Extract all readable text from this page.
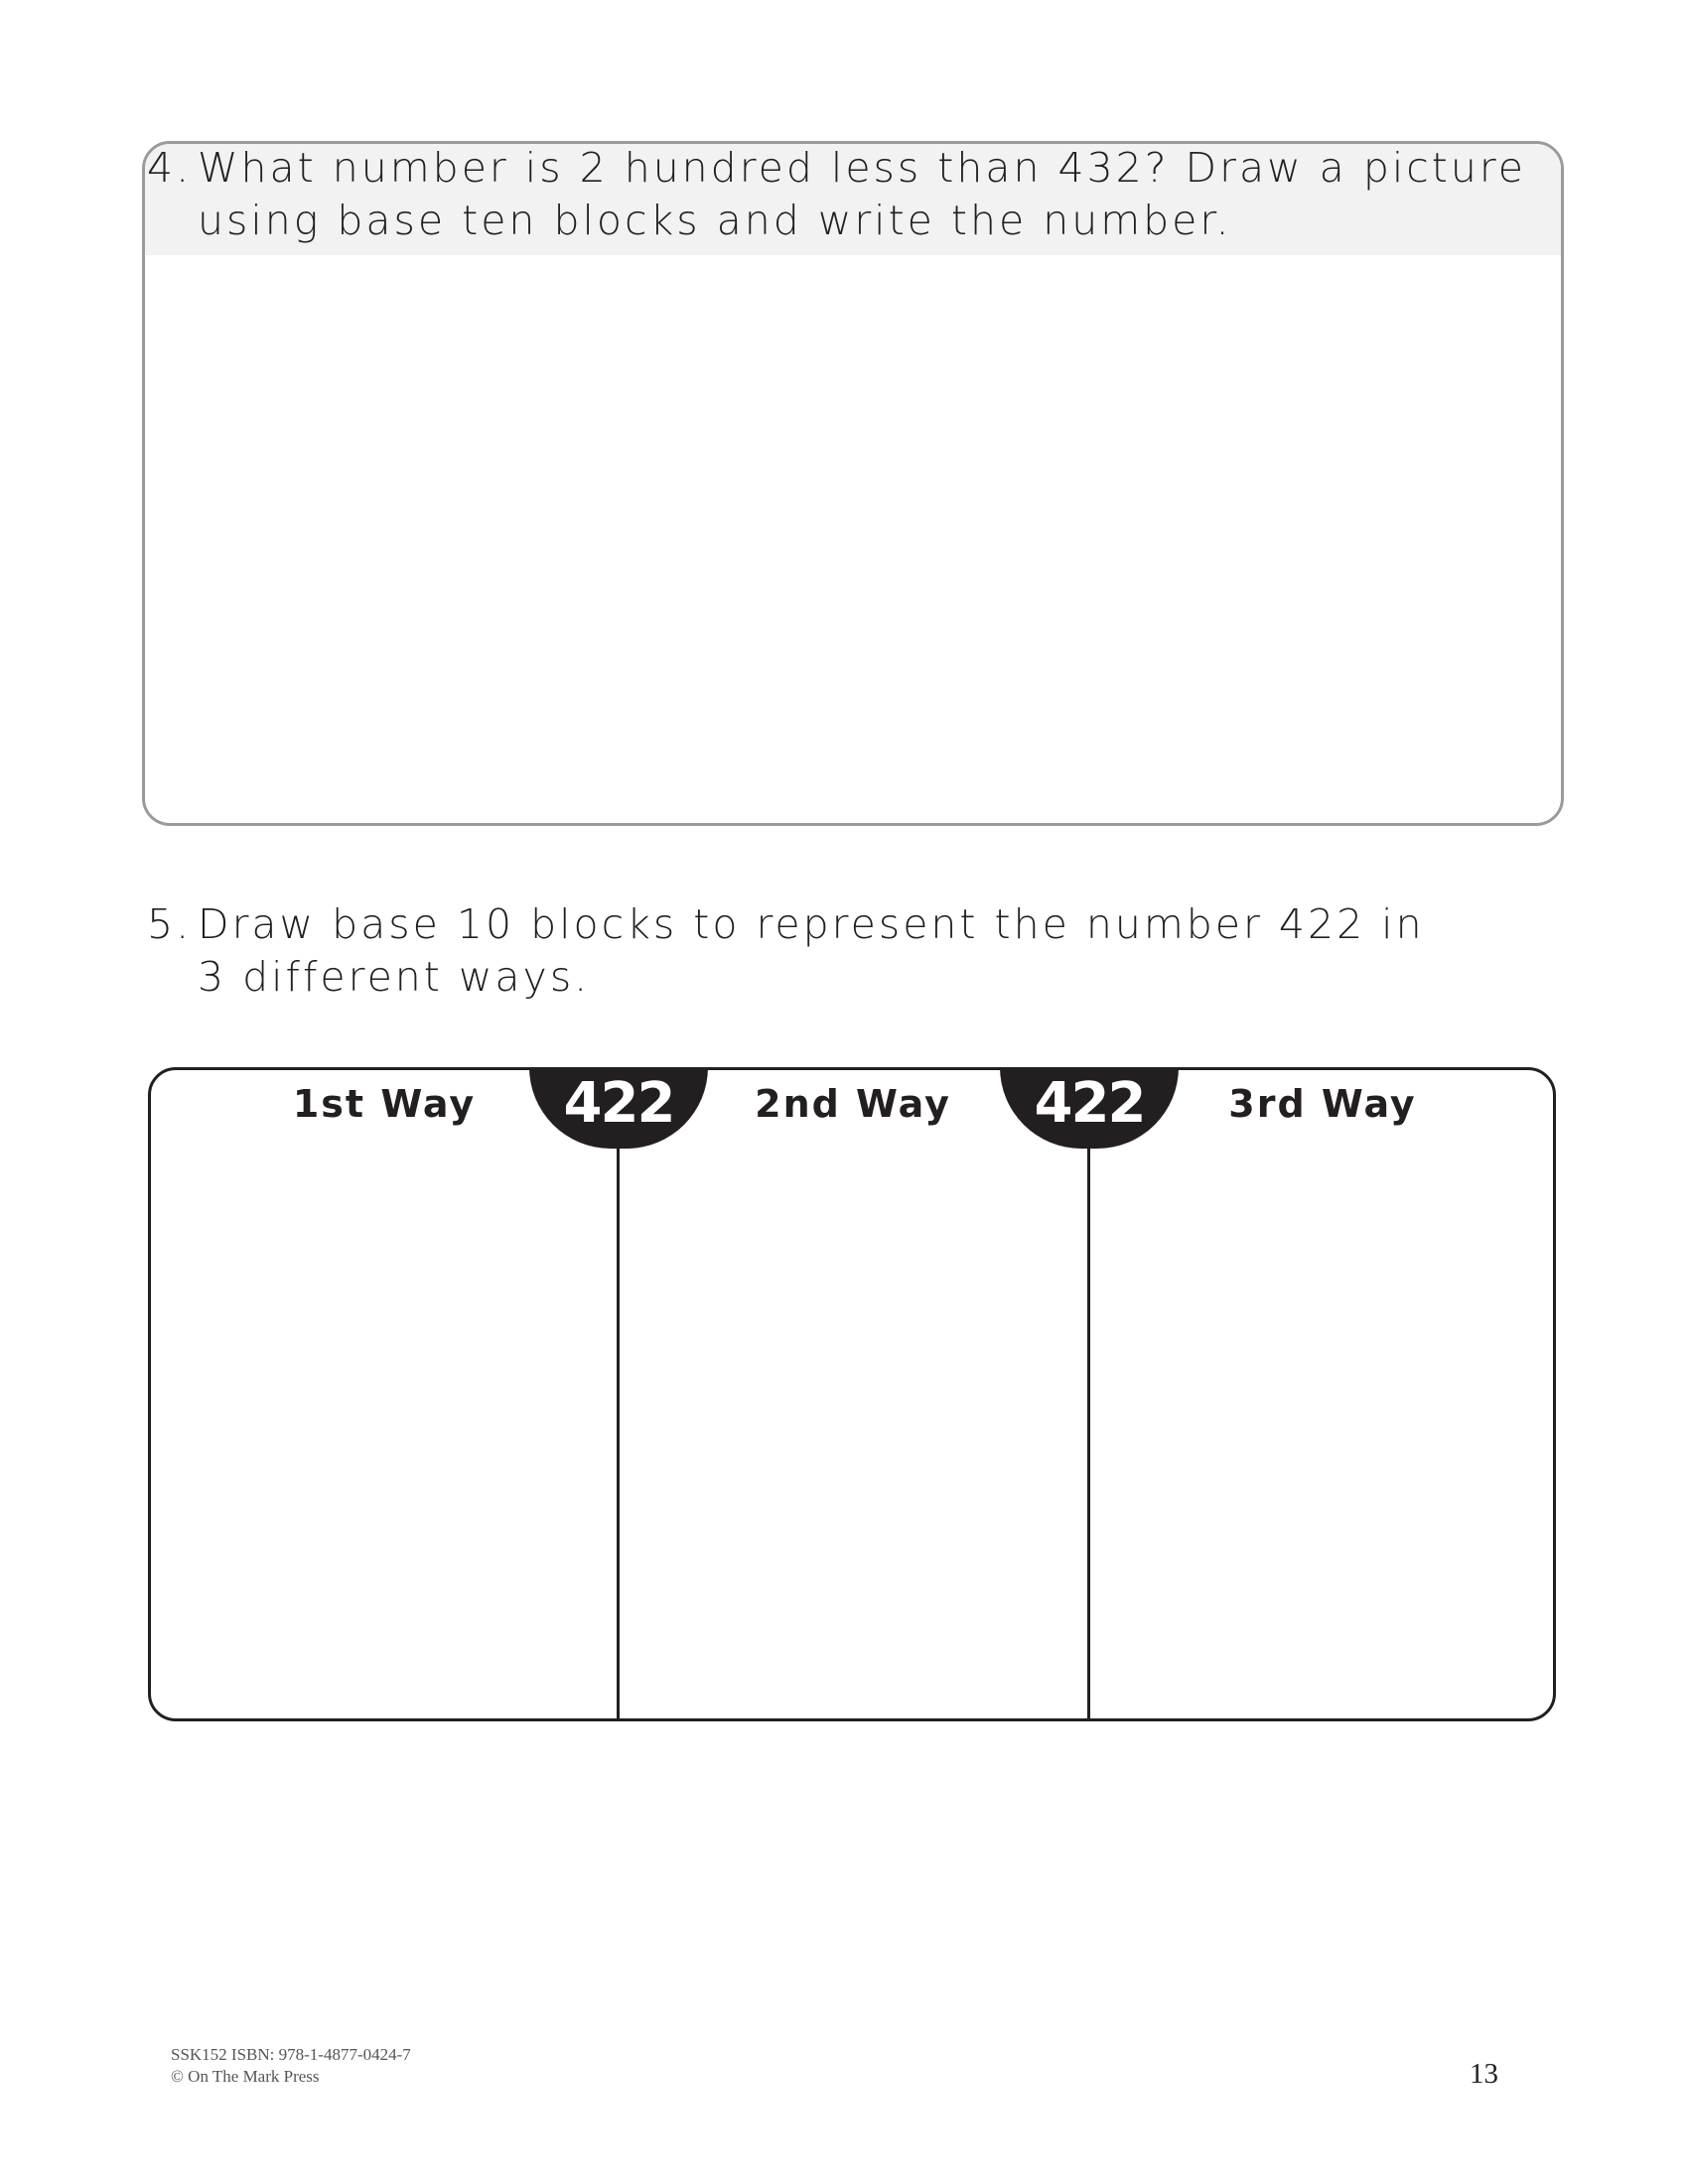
4. What number is 2 hundred less than 432? Draw a picture
using base ten blocks and write the number.
5. Draw base 10 blocks to represent the number 422 in
3 different ways.
422	422
1st Way	2nd Way	3rd Way
SSK152 ISBN: 978-1-4877-0424-7
© On The Mark Press	13
